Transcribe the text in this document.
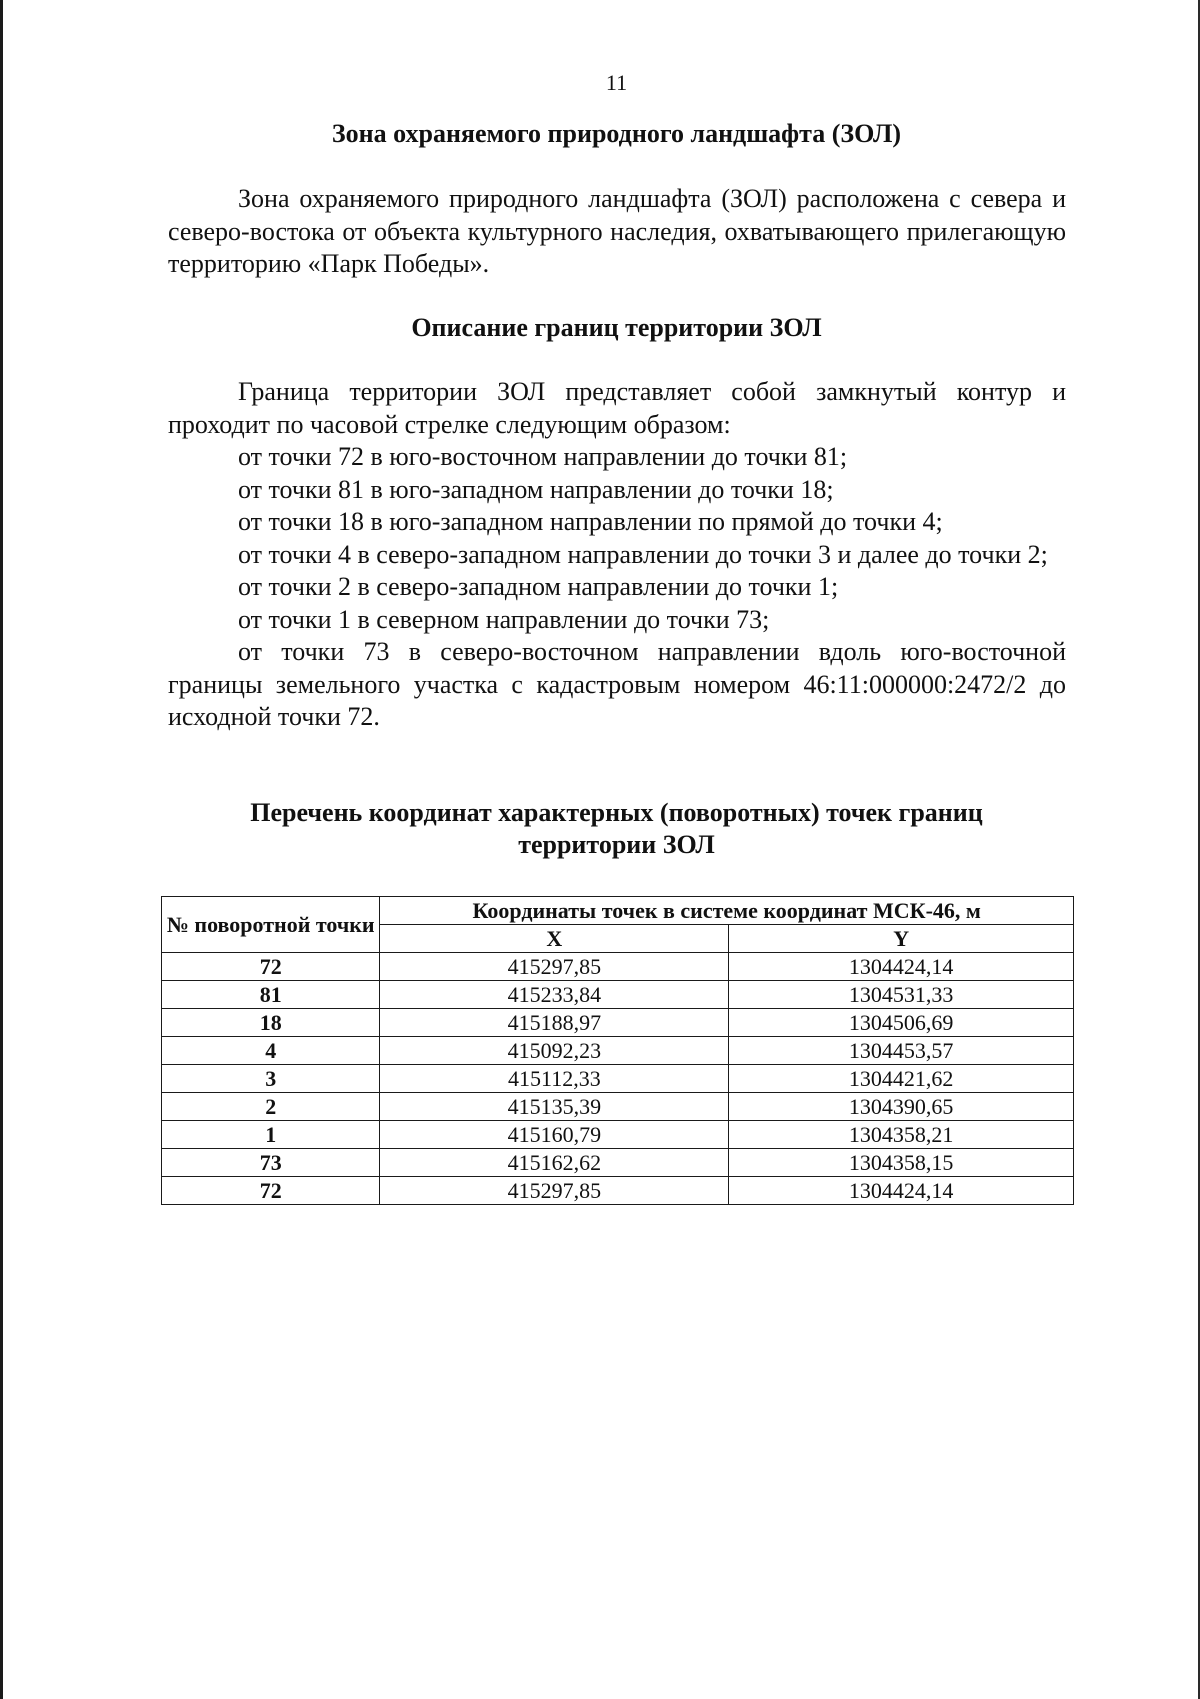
11
Зона охраняемого природного ландшафта (ЗОЛ)

Зона охраняемого природного ландшафта (ЗОЛ) расположена с севера и северо-востока от объекта культурного наследия, охватывающего прилегающую территорию «Парк Победы».

Описание границ территории ЗОЛ

Граница территории ЗОЛ представляет собой замкнутый контур и проходит по часовой стрелке следующим образом:

от точки 72 в юго-восточном направлении до точки 81;

от точки 81 в юго-западном направлении до точки 18;

от точки 18 в юго-западном направлении по прямой до точки 4;

от точки 4 в северо-западном направлении до точки 3 и далее до точки 2;

от точки 2 в северо-западном направлении до точки 1;

от точки 1 в северном направлении до точки 73;

от точки 73 в северо-восточном направлении вдоль юго-восточной границы земельного участка с кадастровым номером 46:11:000000:2472/2 до исходной точки 72.

Перечень координат характерных (поворотных) точек границ территории ЗОЛ
№ поворотной точки	Координаты точек в системе координат МСК-46, м	
	X	Y
72	415297,85	1304424,14
81	415233,84	1304531,33
18	415188,97	1304506,69
4	415092,23	1304453,57
3	415112,33	1304421,62
2	415135,39	1304390,65
1	415160,79	1304358,21
73	415162,62	1304358,15
72	415297,85	1304424,14
